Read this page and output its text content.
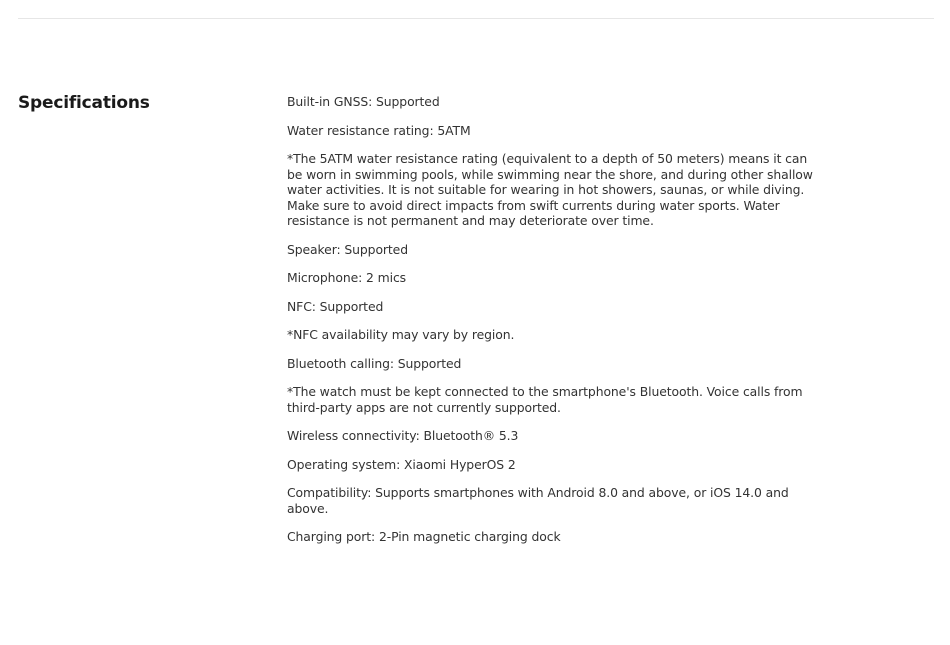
Specifications	Built-in GNSS: Supported
Water resistance rating: 5ATM
*The 5ATM water resistance rating (equivalent to a depth of 50 meters) means it can be worn in swimming pools, while swimming near the shore, and during other shallow water activities. It is not suitable for wearing in hot showers, saunas, or while diving. Make sure to avoid direct impacts from swift currents during water sports. Water resistance is not permanent and may deteriorate over time.
Speaker: Supported
Microphone: 2 mics
NFC: Supported
*NFC availability may vary by region.
Bluetooth calling: Supported
*The watch must be kept connected to the smartphone's Bluetooth. Voice calls from third-party apps are not currently supported.
Wireless connectivity: Bluetooth® 5.3
Operating system: Xiaomi HyperOS 2
Compatibility: Supports smartphones with Android 8.0 and above, or iOS 14.0 and above.
Charging port: 2-Pin magnetic charging dock
